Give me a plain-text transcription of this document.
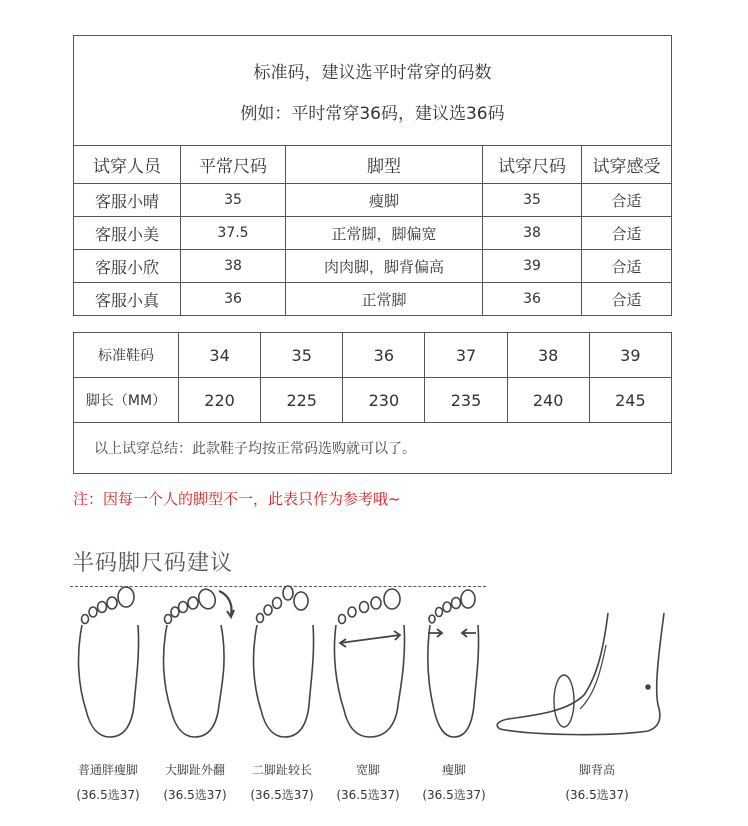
标准码，建议选平时常穿的码数
例如：平时常穿36码，建议选36码				

试穿人员	平常尺码	脚型	试穿尺码	试穿感受
客服小晴	35	瘦脚	35	合适
客服小美	37.5	正常脚，脚偏宽	38	合适
客服小欣	38	肉肉脚，脚背偏高	39	合适
客服小真	36	正常脚	36	合适
标准鞋码	34	35	36	37	38	39
脚长（MM）	220	225	230	235	240	245
以上试穿总结：此款鞋子均按正常码选购就可以了。						
注：因每一个人的脚型不一，此表只作为参考哦~
半码脚尺码建议
普通胖瘦脚
(36.5选37)
大脚趾外翻
(36.5选37)
二脚趾较长
(36.5选37)
宽脚
(36.5选37)
瘦脚
(36.5选37)
脚背高
(36.5选37)
